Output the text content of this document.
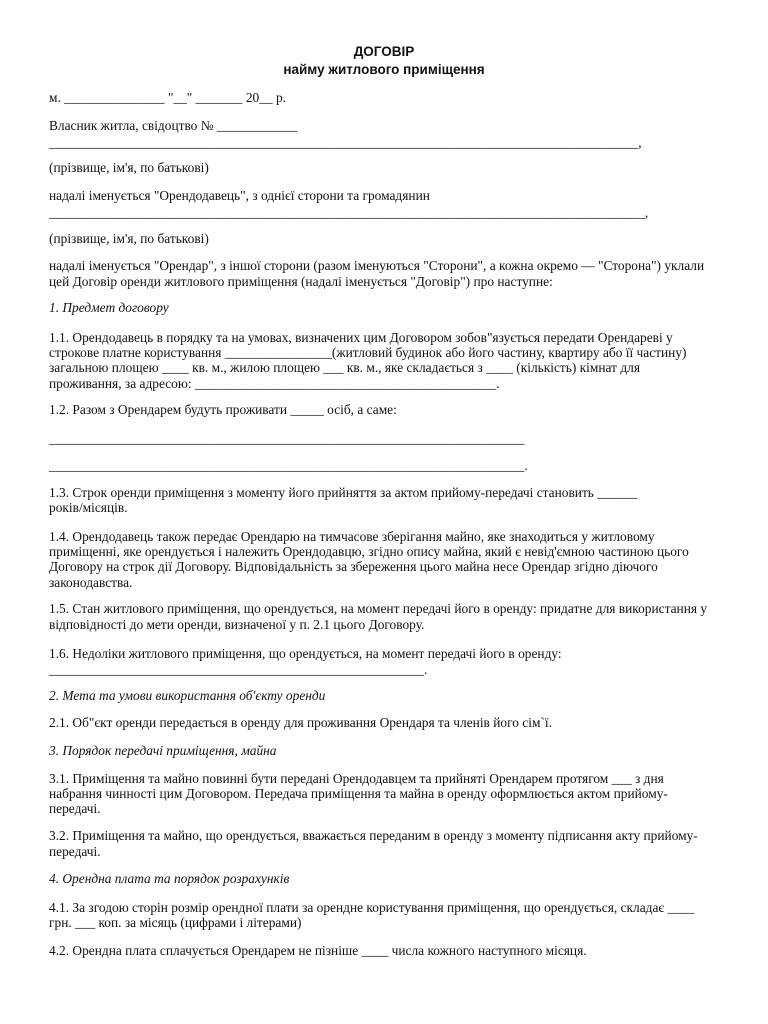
ДОГОВІР
найму житлового приміщення
м. _______________ "__" _______ 20__ р.
Власник житла, свідоцтво № ____________
________________________________________________________________________________________,
(прізвище, ім'я, по батькові)
надалі іменується "Орендодавець", з однієї сторони та громадянин
_________________________________________________________________________________________,
(прізвище, ім'я, по батькові)
надалі іменується "Орендар", з іншої сторони (разом іменуються "Сторони", а кожна окремо — "Сторона") уклали
цей Договір оренди житлового приміщення (надалі іменується "Договір") про наступне:
1. Предмет договору
1.1. Орендодавець в порядку та на умовах, визначених цим Договором зобов"язується передати Орендареві у
строкове платне користування ________________(житловий будинок або його частину, квартиру або її частину)
загальною площею ____ кв. м., жилою площею ___ кв. м., яке складається з ____ (кількість) кімнат для
проживання, за адресою: _____________________________________________.
1.2. Разом з Орендарем будуть проживати _____ осіб, а саме:
_______________________________________________________________________
_______________________________________________________________________.
1.3. Строк оренди приміщення з моменту його прийняття за актом прийому-передачі становить ______
років/місяців.
1.4. Орендодавець також передає Орендарю на тимчасове зберігання майно, яке знаходиться у житловому
приміщенні, яке орендується і належить Орендодавцю, згідно опису майна, який є невід'ємною частиною цього
Договору на строк дії Договору. Відповідальність за збереження цього майна несе Орендар згідно діючого
законодавства.
1.5. Стан житлового приміщення, що орендується, на момент передачі його в оренду: придатне для використання у
відповідності до мети оренди, визначеної у п. 2.1 цього Договору.
1.6. Недоліки житлового приміщення, що орендується, на момент передачі його в оренду:
________________________________________________________.
2. Мета та умови використання об'єкту оренди
2.1. Об"єкт оренди передається в оренду для проживання Орендаря та членів його сім`ї.
3. Порядок передачі приміщення, майна
3.1. Приміщення та майно повинні бути передані Орендодавцем та прийняті Орендарем протягом ___ з дня
набрання чинності цим Договором. Передача приміщення та майна в оренду оформлюється актом прийому-
передачі.
3.2. Приміщення та майно, що орендується, вважається переданим в оренду з моменту підписання акту прийому-
передачі.
4. Орендна плата та порядок розрахунків
4.1. За згодою сторін розмір орендної плати за орендне користування приміщення, що орендується, складає ____
грн. ___ коп. за місяць (цифрами і літерами)
4.2. Орендна плата сплачується Орендарем не пізніше ____ числа кожного наступного місяця.
